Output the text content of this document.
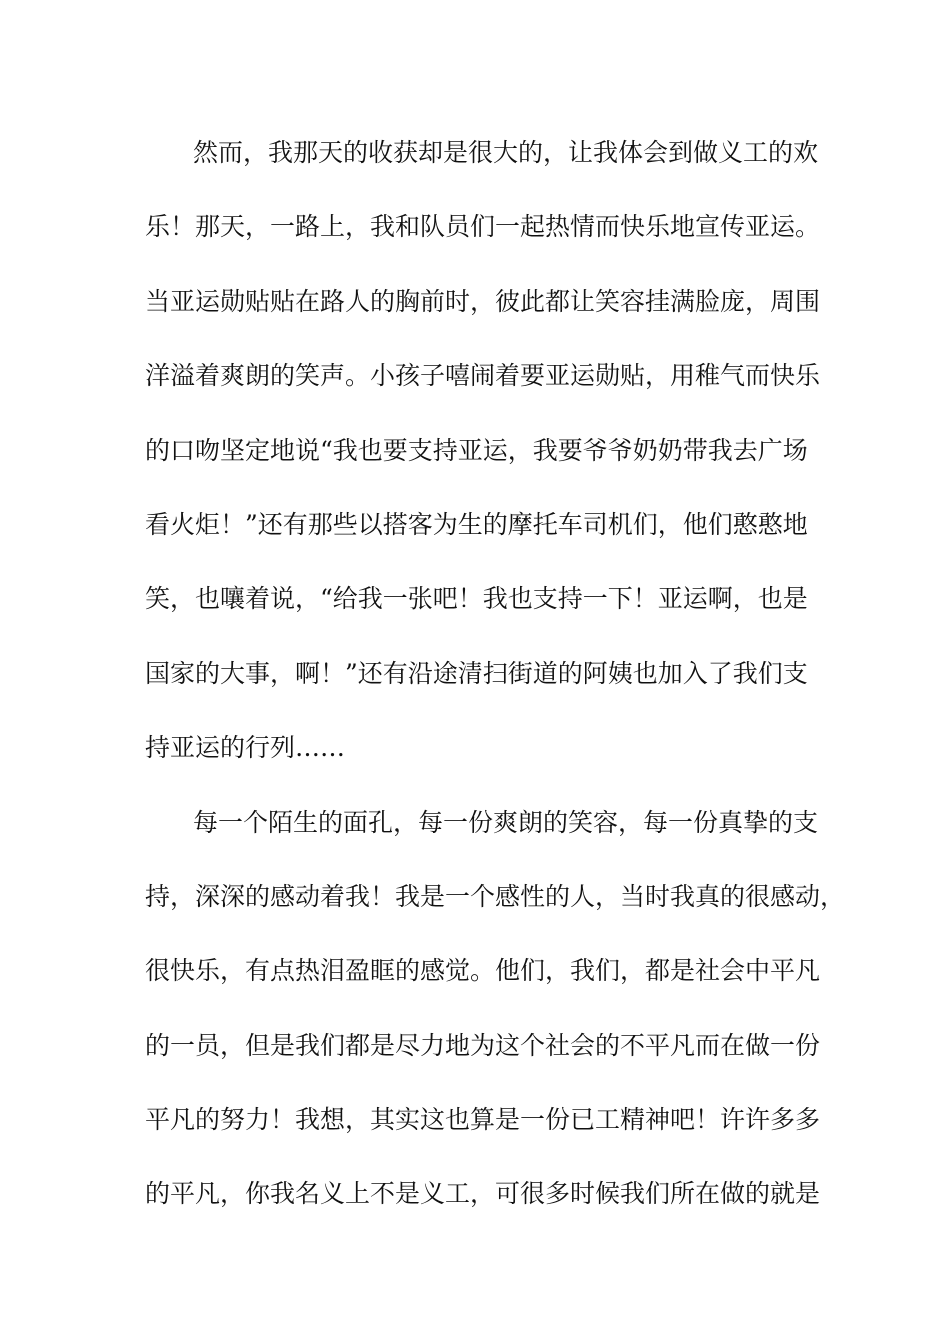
然而，我那天的收获却是很大的，让我体会到做义工的欢
乐！那天，一路上，我和队员们一起热情而快乐地宣传亚运。
当亚运勋贴贴在路人的胸前时，彼此都让笑容挂满脸庞，周围
洋溢着爽朗的笑声。小孩子嘻闹着要亚运勋贴，用稚气而快乐
的口吻坚定地说“我也要支持亚运，我要爷爷奶奶带我去广场
看火炬！”还有那些以搭客为生的摩托车司机们，他们憨憨地
笑，也嚷着说，“给我一张吧！我也支持一下！亚运啊，也是
国家的大事，啊！”还有沿途清扫街道的阿姨也加入了我们支
持亚运的行列……
每一个陌生的面孔，每一份爽朗的笑容，每一份真挚的支
持，深深的感动着我！我是一个感性的人，当时我真的很感动，
很快乐，有点热泪盈眶的感觉。他们，我们，都是社会中平凡
的一员，但是我们都是尽力地为这个社会的不平凡而在做一份
平凡的努力！我想，其实这也算是一份已工精神吧！许许多多
的平凡，你我名义上不是义工，可很多时候我们所在做的就是
